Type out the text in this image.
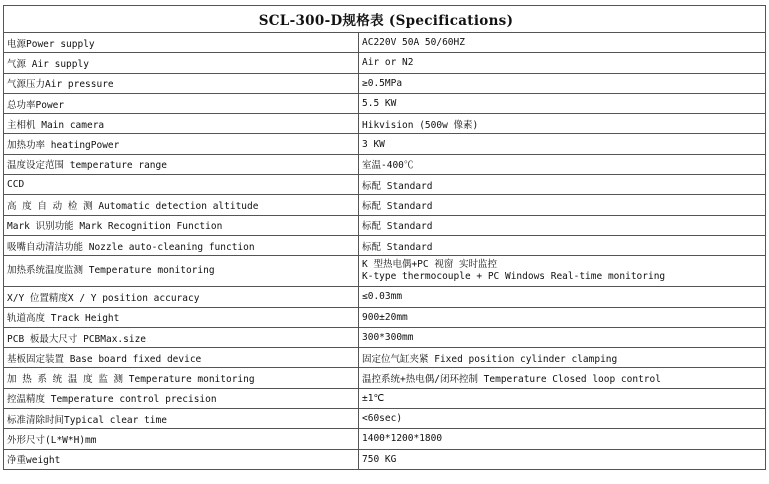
SCL-300-D规格表 (Specifications)	
电源Power supply	AC220V 50A 50/60HZ
气源 Air supply	Air or N2
气源压力Air pressure	≥0.5MPa
总功率Power	5.5 KW
主相机 Main camera	Hikvision (500w 像素)
加热功率 heatingPower	3 KW
温度设定范围 temperature range	室温-400℃
CCD	标配 Standard
高 度 自 动 检 测 Automatic detection altitude	标配 Standard
Mark 识别功能 Mark Recognition Function	标配 Standard
吸嘴自动清洁功能 Nozzle auto-cleaning function	标配 Standard
加热系统温度监测 Temperature monitoring	K 型热电偶+PC 视窗 实时监控
K-type thermocouple + PC Windows Real-time monitoring

X/Y 位置精度X / Y position accuracy	≤0.03mm
轨道高度 Track Height	900±20mm
PCB 板最大尺寸 PCBMax.size	300*300mm
基板固定装置 Base board fixed device	固定位气缸夹紧 Fixed position cylinder clamping
加 热 系 统 温 度 监 测 Temperature monitoring	温控系统+热电偶/闭环控制 Temperature Closed loop control
控温精度 Temperature control precision	±1℃
标准清除时间Typical clear time	<60sec)
外形尺寸(L*W*H)mm	1400*1200*1800
净重weight	750 KG
